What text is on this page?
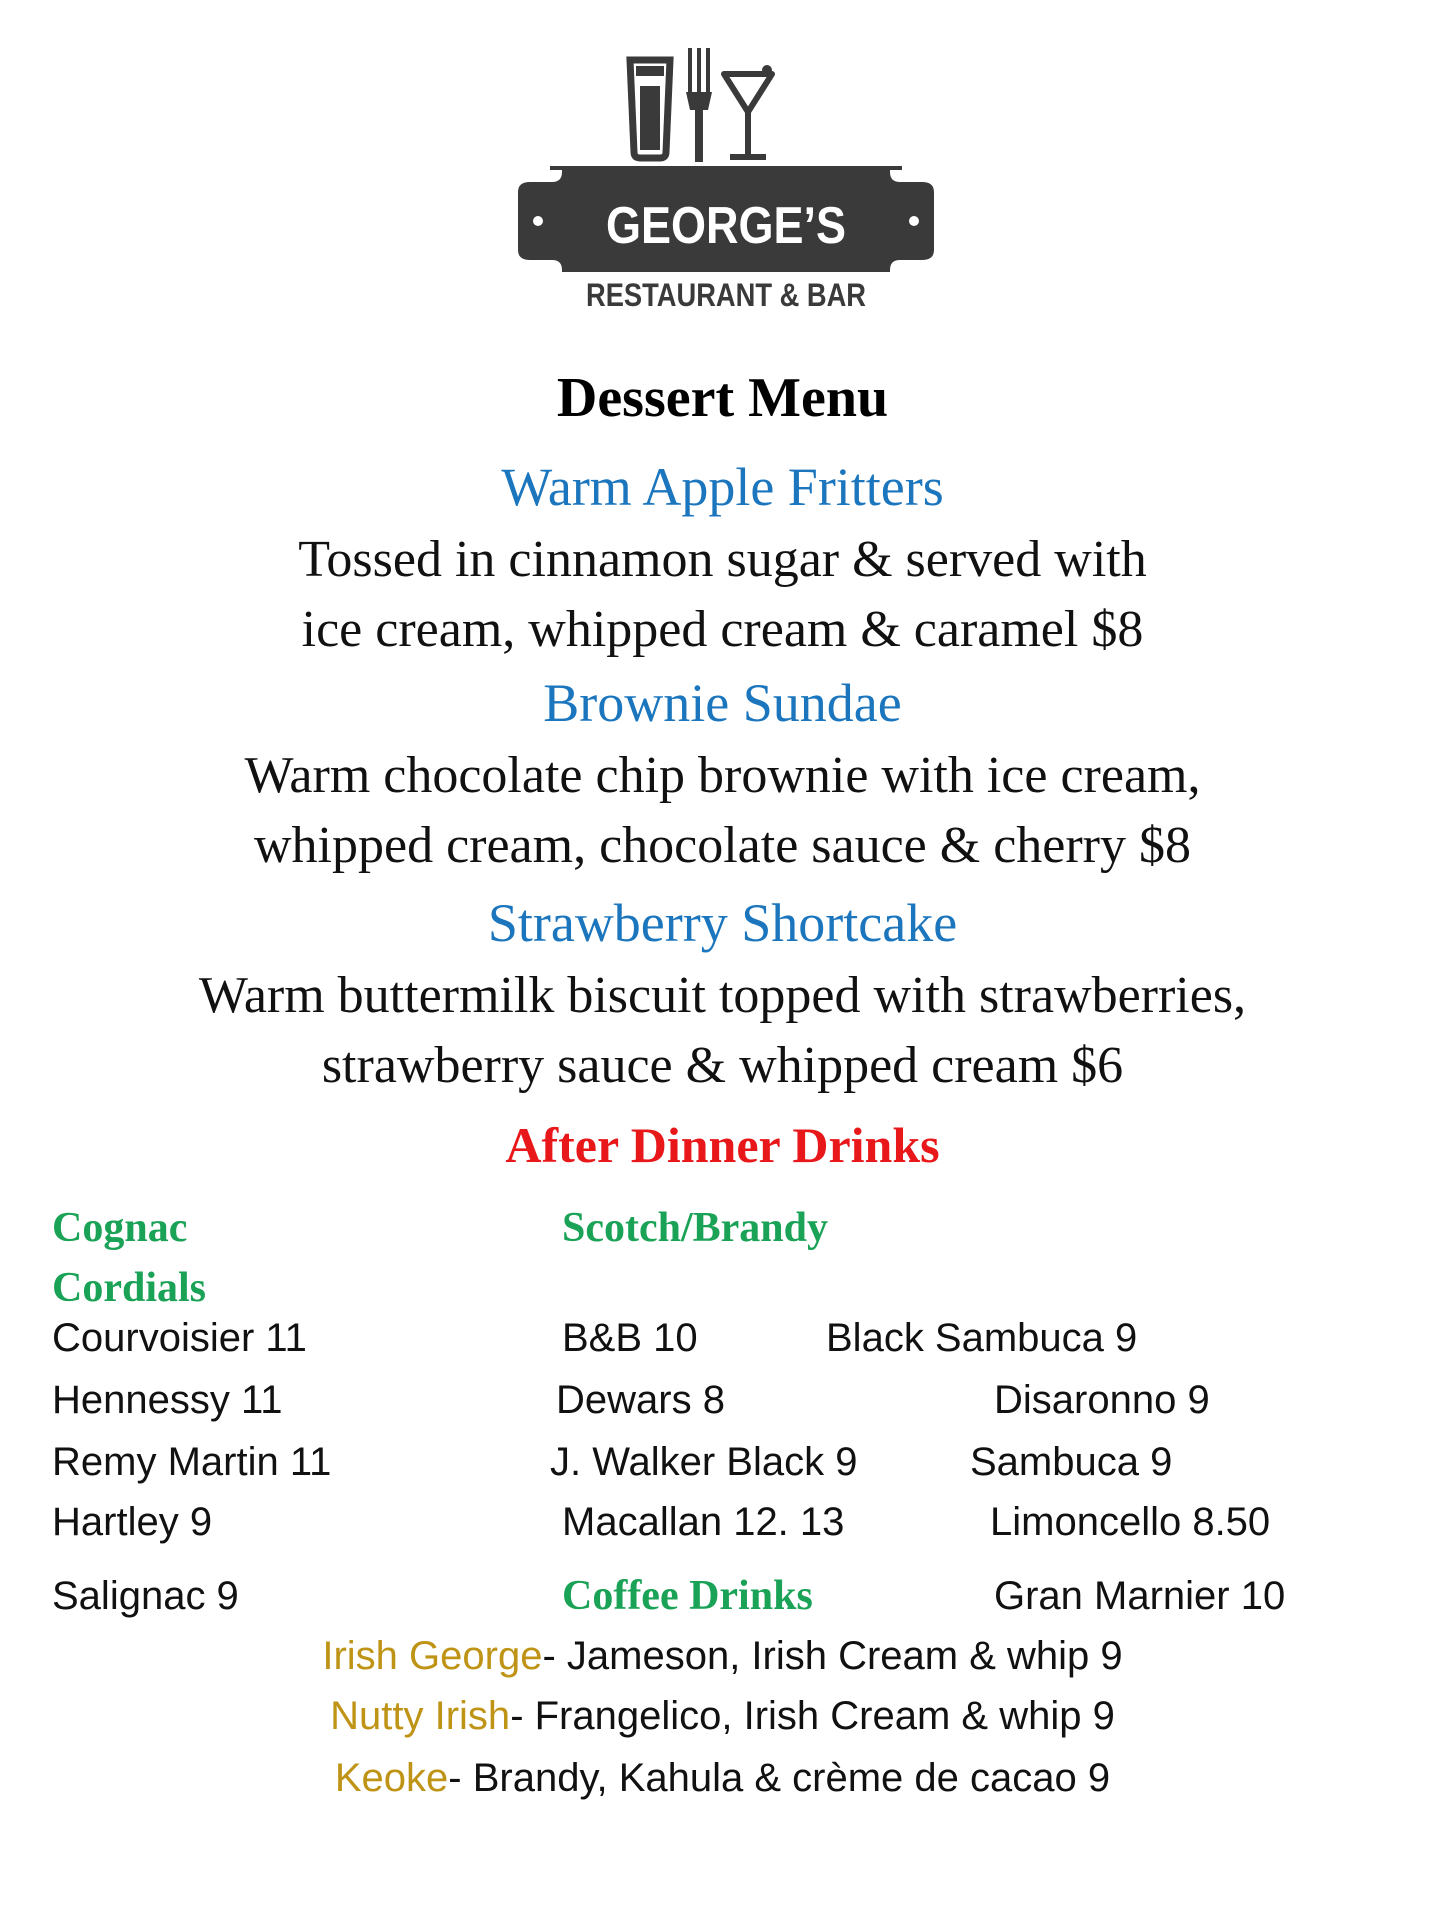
GEORGE’S
RESTAURANT & BAR
Dessert Menu
Warm Apple Fritters
Tossed in cinnamon sugar & served with
ice cream, whipped cream & caramel $8
Brownie Sundae
Warm chocolate chip brownie with ice cream,
whipped cream, chocolate sauce & cherry $8
Strawberry Shortcake
Warm buttermilk biscuit topped with strawberries,
strawberry sauce & whipped cream $6
After Dinner Drinks
Cognac
Cordials
Scotch/Brandy
Courvoisier 11
Hennessy 11
Remy Martin 11
Hartley 9
Salignac 9
B&B 10
Dewars 8
J. Walker Black 9
Macallan 12. 13
Coffee Drinks
Black Sambuca 9
Disaronno 9
Sambuca 9
Limoncello 8.50
Gran Marnier 10
Irish George- Jameson, Irish Cream & whip 9
Nutty Irish- Frangelico, Irish Cream & whip 9
Keoke- Brandy, Kahula & crème de cacao 9
